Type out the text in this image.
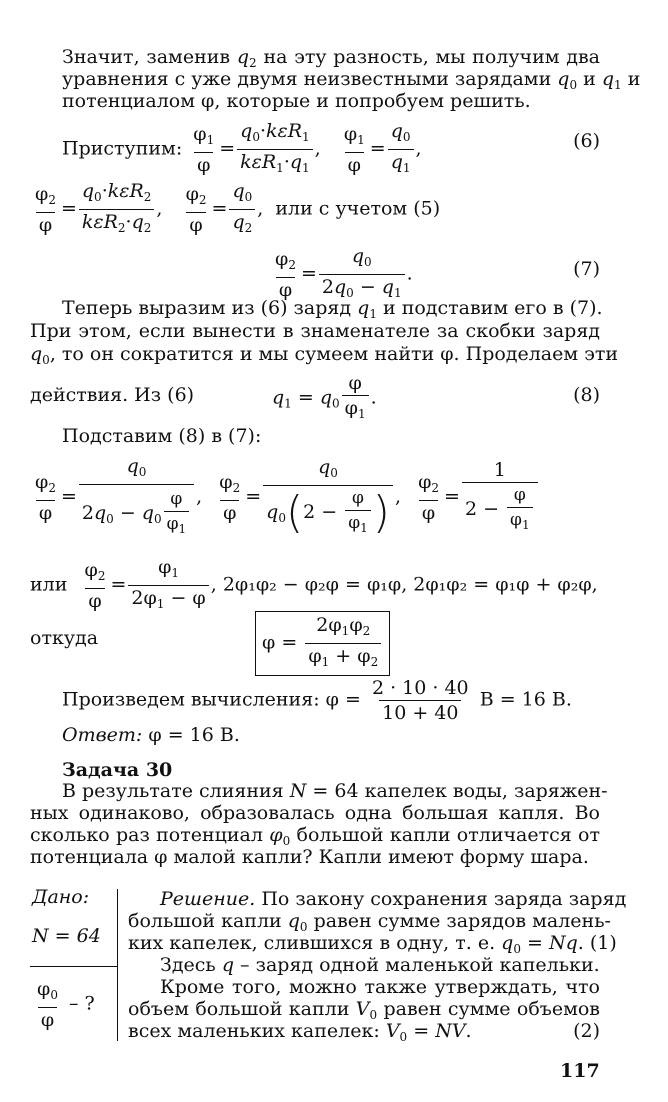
Значит, заменив $q_2$ на эту разность, мы получим два
уравнения с уже двумя неизвестными зарядами $q_0$ и $q_1$ и
потенциалом φ, которые и попробуем решить.
Приступим: $\frac{\varphi_1}{\varphi}$ =
$q_0\cdot k\varepsilon R_1$
$k\varepsilon R_1\cdot q_1$
, $\frac{\varphi_1}{\varphi} = \frac{q_0}{q_1}$ ,	(6)
$\frac{\varphi_2}{\varphi}$ =
$q_0\cdot k\varepsilon R_2$
$k\varepsilon R_2\cdot q_2$
, $\frac{\varphi_2}{\varphi} = \frac{q_0}{q_2}$ ,  или с учетом (5)
$\frac{\varphi_2}{\varphi} = \frac{q_0}{2q_0 - q_1}$ .	(7)
Теперь выразим из (6) заряд $q_1$ и подставим его в (7).
При этом, если вынести в знаменателе за скобки заряд
$q_0$, то он сократится и мы сумеем найти φ. Проделаем эти
действия. Из (6)	$q_1 = q_0 \frac{\varphi}{\varphi_1}$ .	(8)
Подставим (8) в (7):
$\frac{\varphi_2}{\varphi} = \frac{q_0}{2q_0 - q_0 \frac{\varphi}{\varphi_1}}$ , $\frac{\varphi_2}{\varphi} = \frac{q_0}{q_0(2 - \frac{\varphi}{\varphi_1} )}$ , $\frac{\varphi_2}{\varphi} = \frac{1}{2 - \frac{\varphi}{\varphi_1}}$
или $\frac{\varphi_2}{\varphi} = \frac{\varphi_1}{2\varphi_1 - \varphi}$ , 2φ₁φ₂ − φ₂φ = φ₁φ, 2φ₁φ₂ = φ₁φ + φ₂φ,
откуда	$\varphi = \frac{2\varphi_1\varphi_2}{\varphi_1 + \varphi_2}$
Произведем вычисления: $\varphi = \frac{2 \cdot 10 \cdot 40}{10 + 40}$ В = 16 В.
Ответ: φ = 16 В.
Задача 30
В результате слияния N = 64 капелек воды, заряжен-
ных одинаково, образовалась одна большая капля. Во
сколько раз потенциал $\varphi_0$ большой капли отличается от
потенциала φ малой капли? Капли имеют форму шара.
Дано:
N = 64
$\frac{\varphi_0}{\varphi}$ – ?
Решение. По закону сохранения заряда заряд
большой капли $q_0$ равен сумме зарядов малень-
ких капелек, слившихся в одну, т. е. $q_0 = Nq$. (1)
Здесь q – заряд одной маленькой капельки.
Кроме того, можно также утверждать, что
объем большой капли $V_0$ равен сумме объемов
всех маленьких капелек: $V_0$ = NV.	(2)
117
